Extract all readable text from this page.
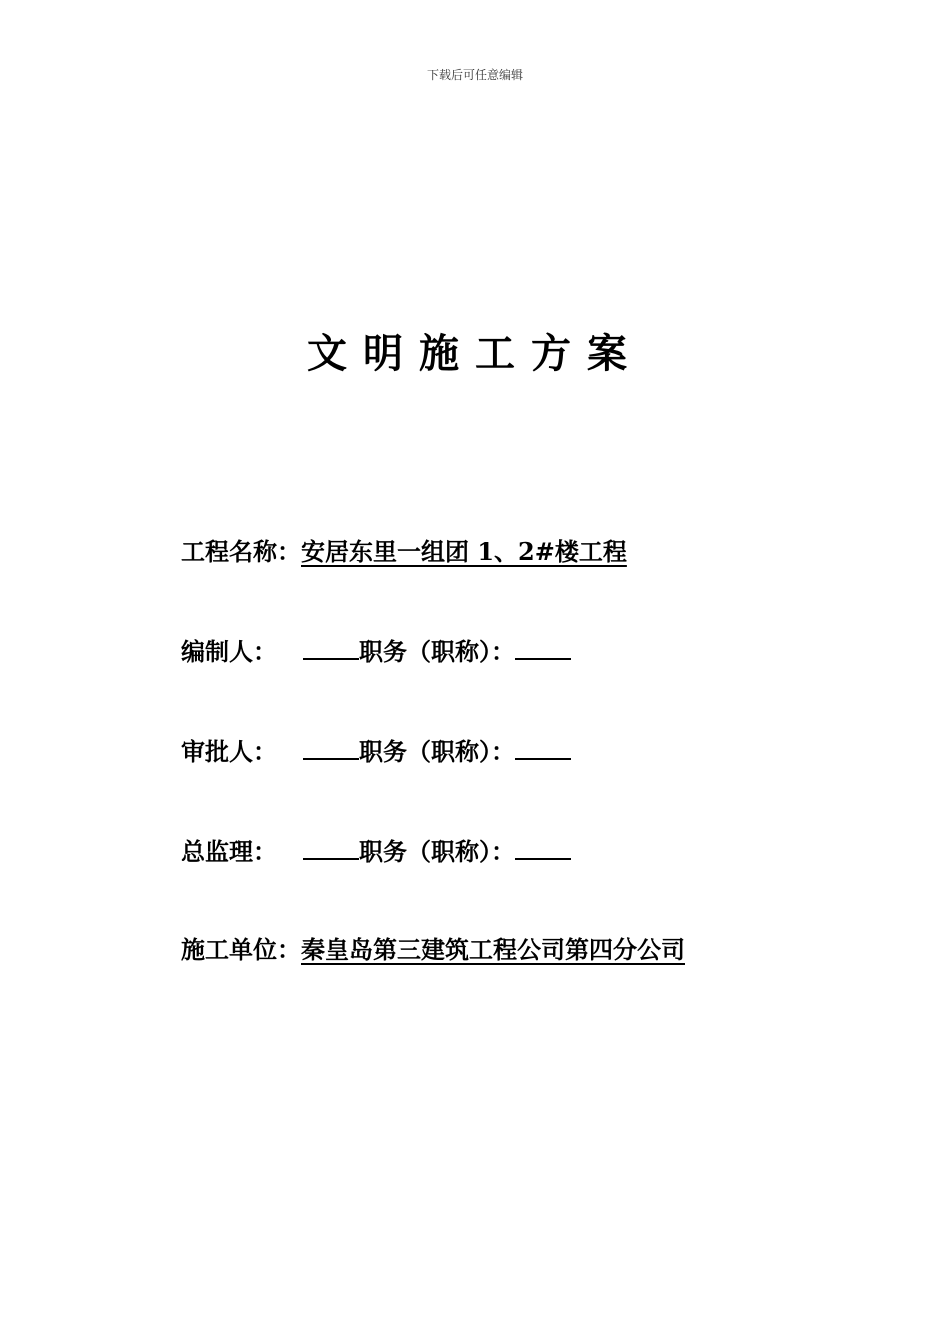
下载后可任意编辑
文明施工方案
工程名称：安居东里一组团 1、2#楼工程
编制人：	职务（职称）：
审批人：	职务（职称）：
总监理：	职务（职称）：
施工单位：秦皇岛第三建筑工程公司第四分公司
